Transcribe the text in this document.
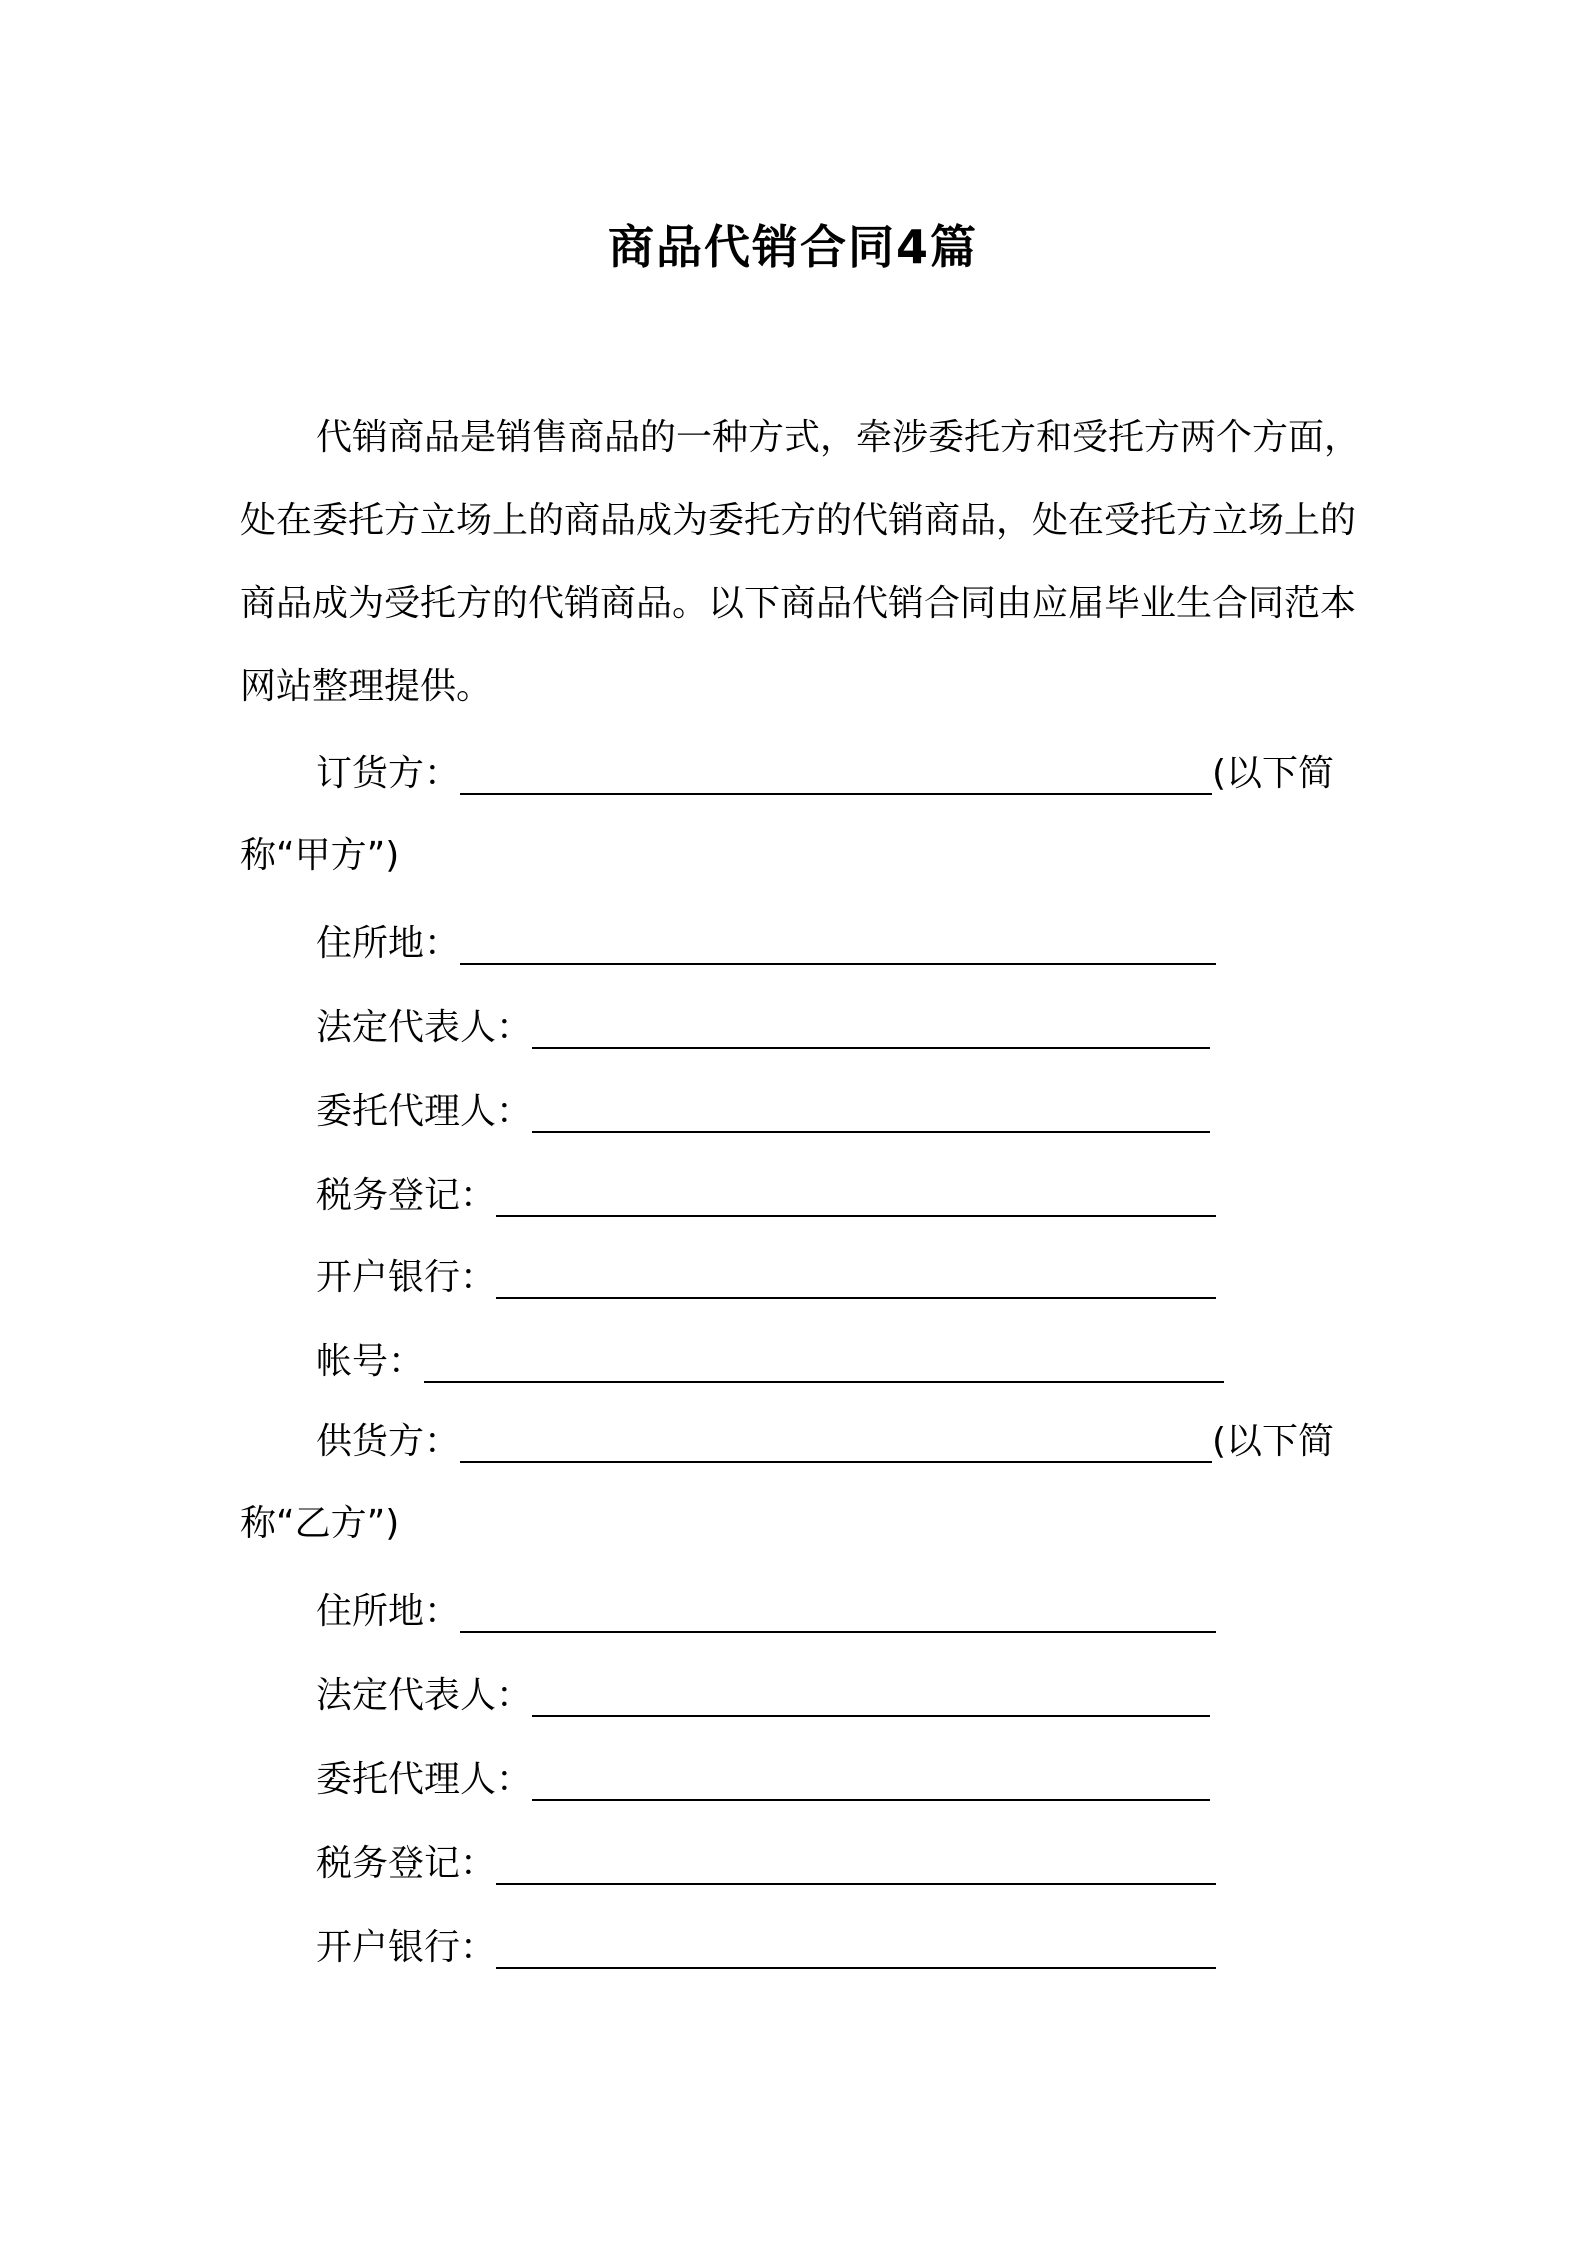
商品代销合同4篇

代销商品是销售商品的一种方式，牵涉委托方和受托方两个方面，处在委托方立场上的商品成为委托方的代销商品，处在受托方立场上的商品成为受托方的代销商品。以下商品代销合同由应届毕业生合同范本网站整理提供。

订货方：	(以下简
称“甲方”)
住所地：
法定代表人：
委托代理人：
税务登记：
开户银行：
帐号：
供货方：	(以下简
称“乙方”)
住所地：
法定代表人：
委托代理人：
税务登记：
开户银行：
